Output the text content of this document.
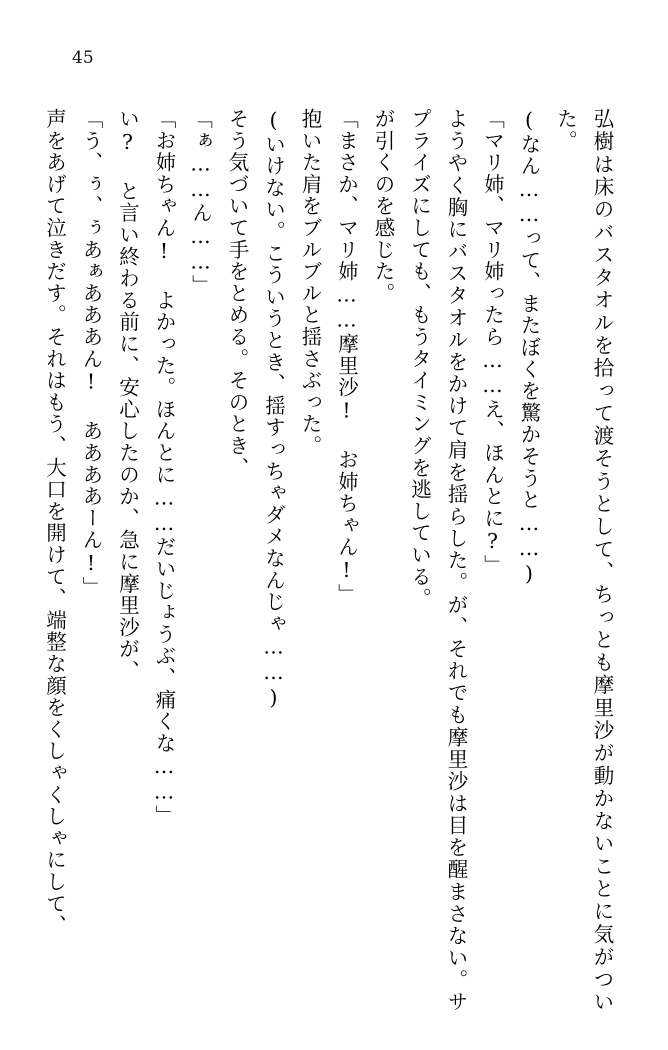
45

弘樹は床のバスタオルを拾って渡そうとして、ちっとも摩里沙が動かないことに気がついた。

(なん……って、またぼくを驚かそうと……)

「マリ姉、マリ姉ったら……え、ほんとに?」

ようやく胸にバスタオルをかけて肩を揺らした。が、それでも摩里沙は目を醒まさない。サプライズにしても、もうタイミングを逃している。

が引くのを感じた。

「まさか、マリ姉……摩里沙! お姉ちゃん!」

抱いた肩をブルブルと揺さぶった。

(いけない。こういうとき、揺すっちゃダメなんじゃ……)

そう気づいて手をとめる。そのとき、

「ぁ……ん……」

「お姉ちゃん! よかった。ほんとに……だいじょうぶ、痛くな……」

い? と言い終わる前に、安心したのか、急に摩里沙が、

「う、ぅ、ぅあぁあああん! ああああーん!」

声をあげて泣きだす。それはもう、大口を開けて、端整な顔をくしゃくしゃにして、
